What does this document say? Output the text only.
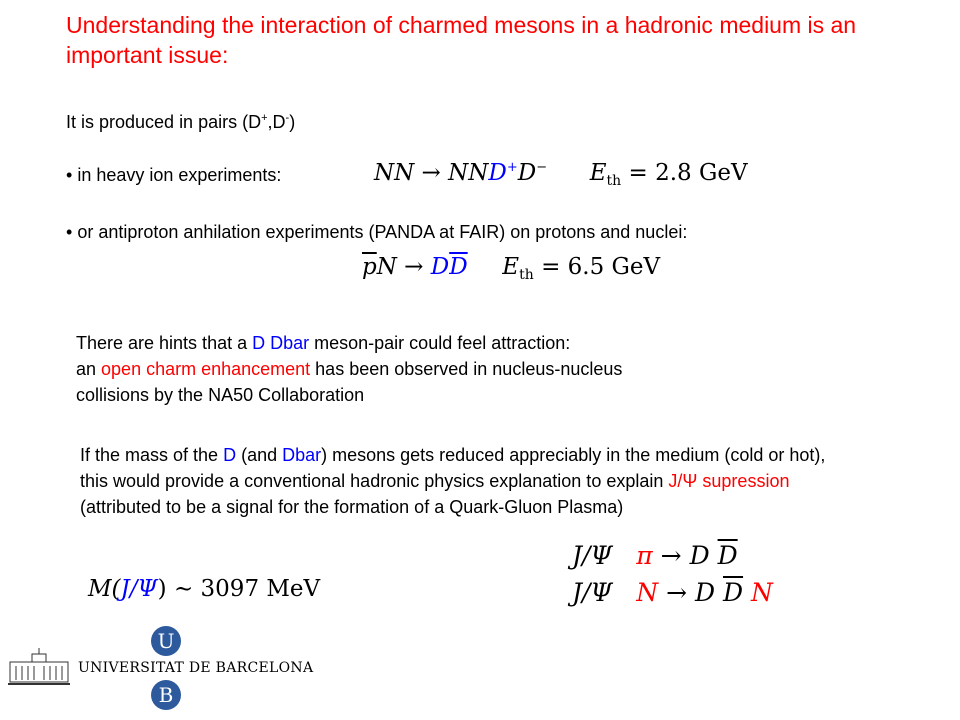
Understanding the interaction of charmed mesons in a hadronic medium is an important issue:
It is produced in pairs (D+,D-)
• in heavy ion experiments:	NN → NND+D− $E_{th} = 2.8$ GeV
• or antiproton anhilation experiments (PANDA at FAIR) on protons and nuclei:
$\overline{p}N \to D\overline{D}$ $E_{th} = 6.5$ GeV
There are hints that a D Dbar meson-pair could feel attraction:
an open charm enhancement has been observed in nucleus-nucleus
collisions by the NA50 Collaboration
If the mass of the D (and Dbar) mesons gets reduced appreciably in the medium (cold or hot), this would provide a conventional hadronic physics explanation to explain J/Ψ supression (attributed to be a signal for the formation of a Quark-Gluon Plasma)
M(J/Ψ) ∼ 3097 MeV
J/Ψ π → D $\overline{D}$
J/Ψ N → D $\overline{D}$ N
UNIVERSITAT DE BARCELONA
U
B
